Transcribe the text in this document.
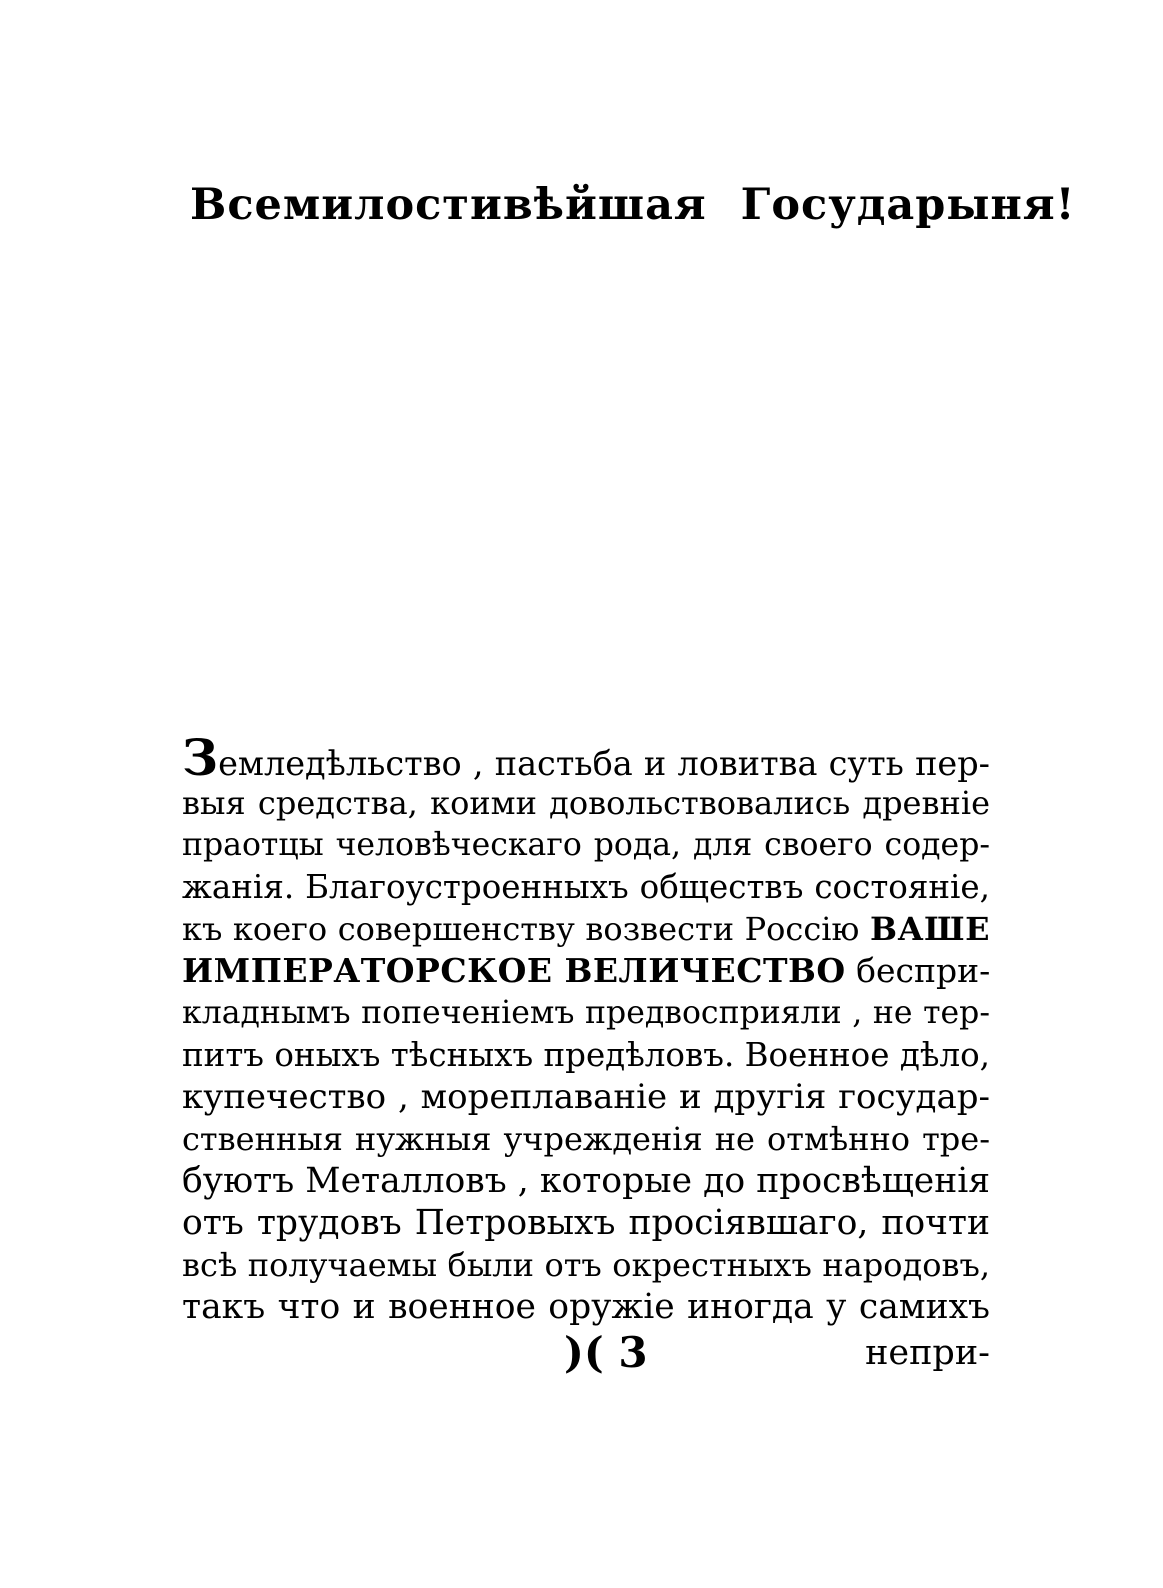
Всемилостивѣйшая Государыня!
Земледѣльство , пастьба и ловитва суть пер-
выя средства, коими довольствовались древніе
праотцы человѣческаго рода, для своего содер-
жанія. Благоустроенныхъ обществъ состояніе,
къ коего совершенству возвести Россію ВАШЕ
ИМПЕРАТОРСКОЕ ВЕЛИЧЕСТВО беспри-
кладнымъ попеченіемъ предвосприяли , не тер-
питъ оныхъ тѣсныхъ предѣловъ. Военное дѣло,
купечество , мореплаваніе и другія государ-
ственныя нужныя учрежденія не отмѣнно тре-
буютъ Металловъ , которые до просвѣщенія
отъ трудовъ Петровыхъ просіявшаго, почти
всѣ получаемы были отъ окрестныхъ народовъ,
такъ что и военное оружіе иногда у самихъ
)( 3	непри-
